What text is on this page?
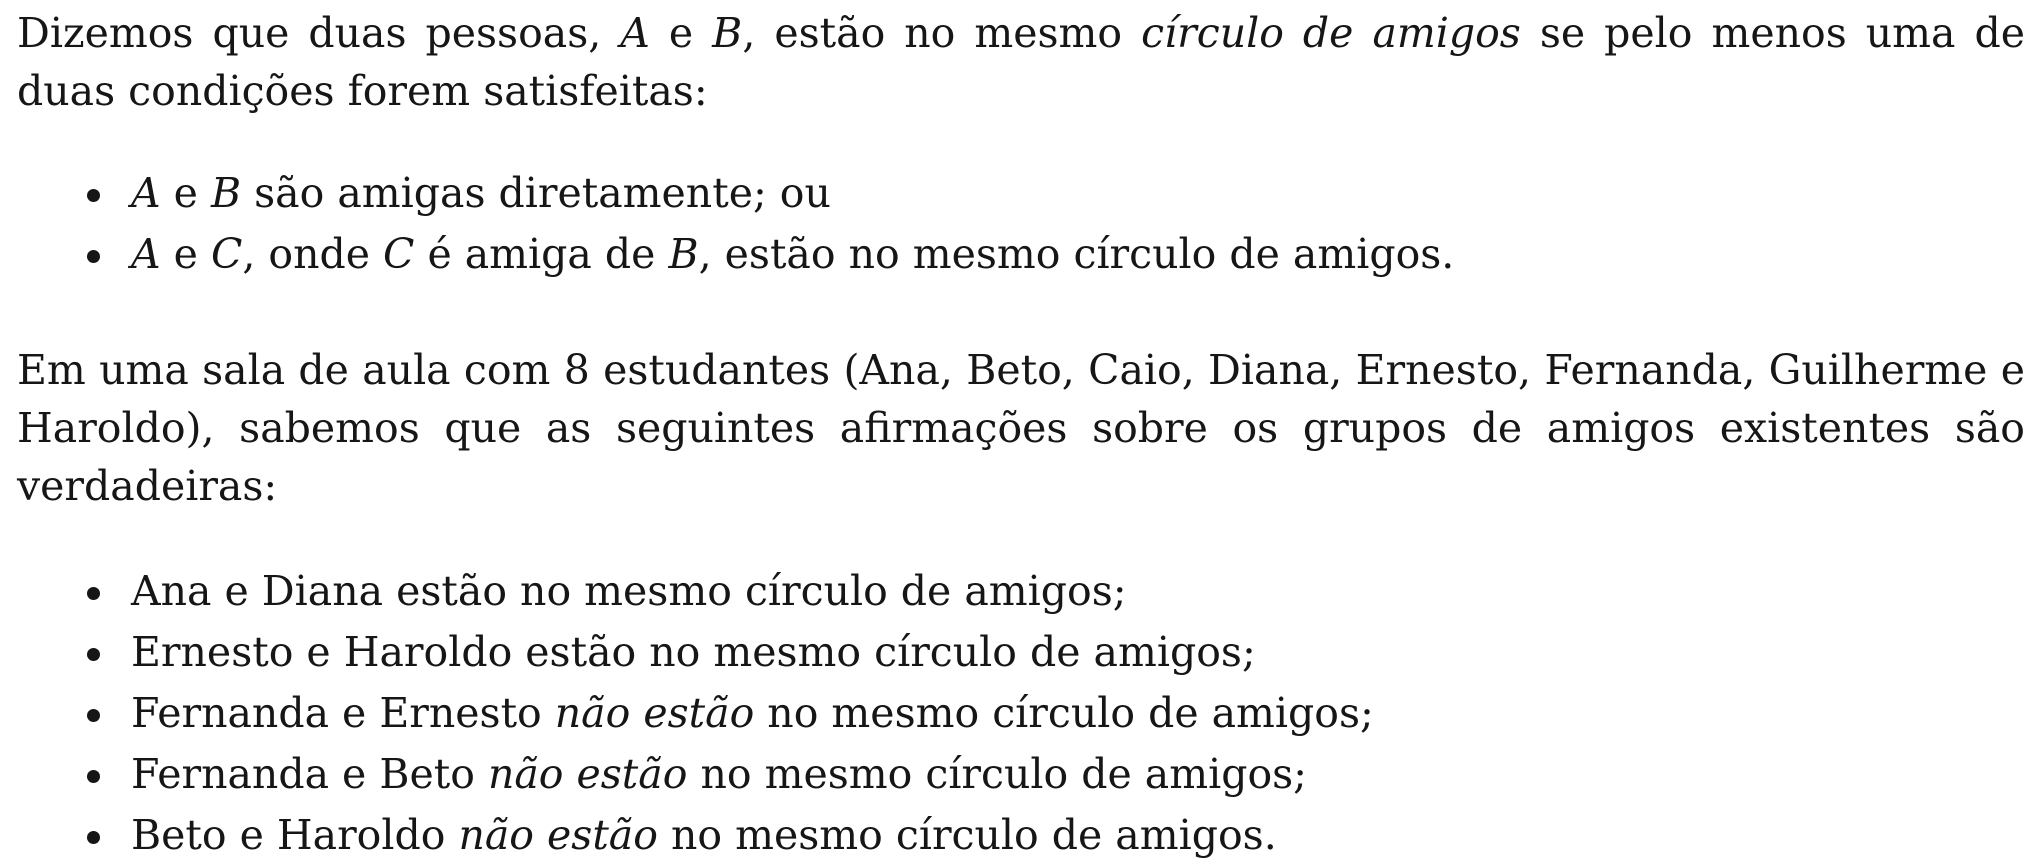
Dizemos que duas pessoas, A e B, estão no mesmo círculo de amigos se pelo menos uma de duas condições forem satisfeitas:

A e B são amigas diretamente; ou
A e C, onde C é amiga de B, estão no mesmo círculo de amigos.

Em uma sala de aula com 8 estudantes (Ana, Beto, Caio, Diana, Ernesto, Fernanda, Guilherme e Haroldo), sabemos que as seguintes afirmações sobre os grupos de amigos existentes são verdadeiras:

Ana e Diana estão no mesmo círculo de amigos;
Ernesto e Haroldo estão no mesmo círculo de amigos;
Fernanda e Ernesto não estão no mesmo círculo de amigos;
Fernanda e Beto não estão no mesmo círculo de amigos;
Beto e Haroldo não estão no mesmo círculo de amigos.
